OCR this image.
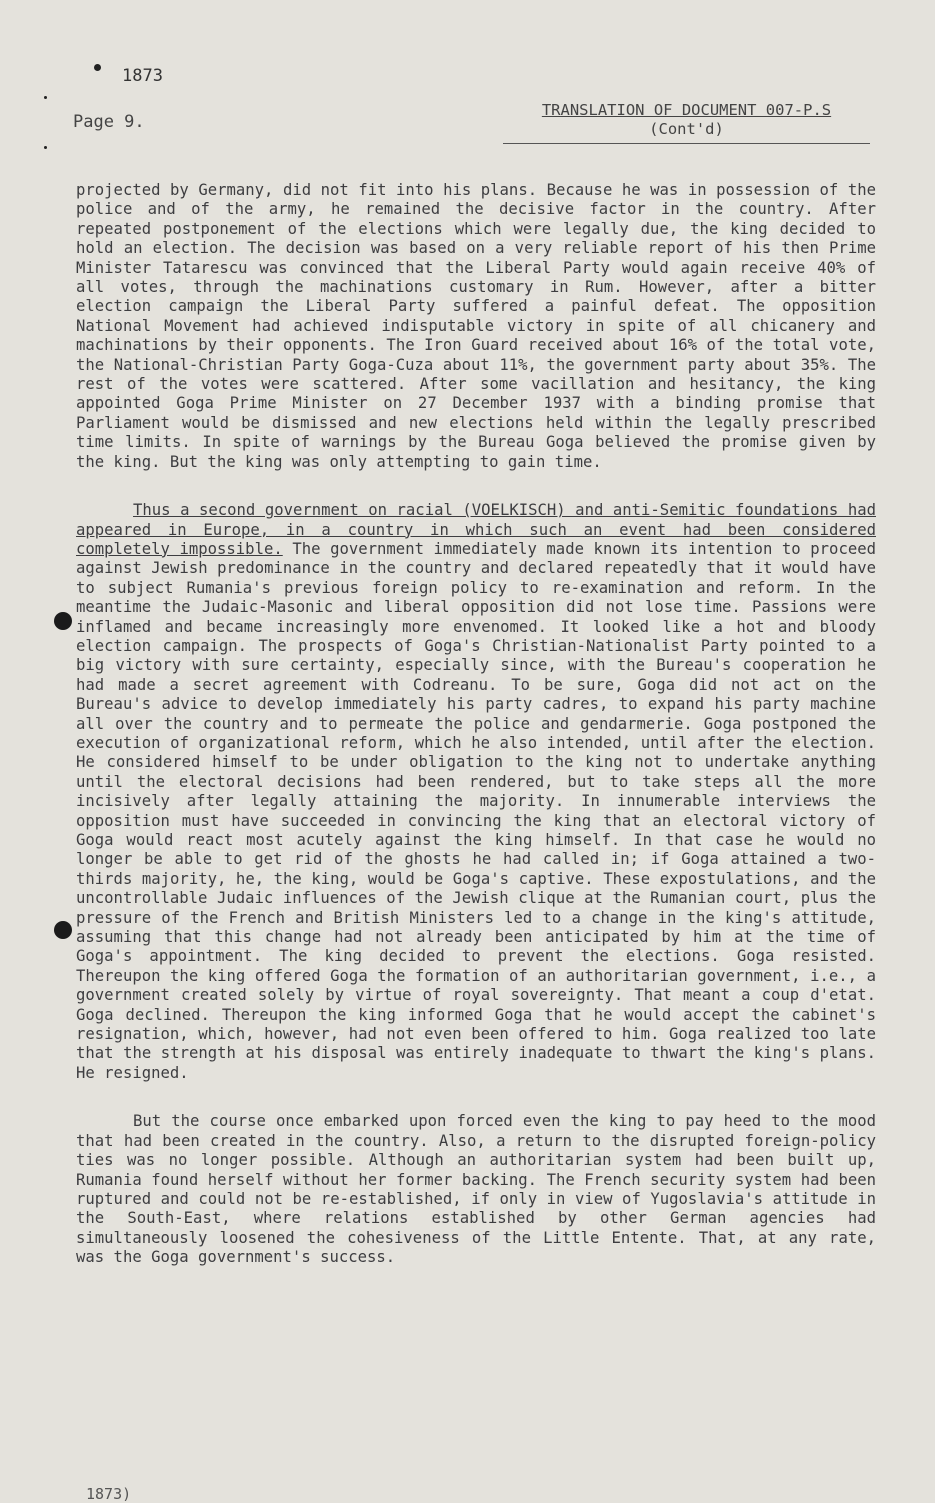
1873
Page 9.
TRANSLATION OF DOCUMENT 007-P.S
(Cont'd)

projected by Germany, did not fit into his plans. Because he was in possession of the police and of the army, he remained the decisive factor in the country. After repeated postponement of the elections which were legally due, the king decided to hold an election. The decision was based on a very reliable report of his then Prime Minister Tatarescu was convinced that the Liberal Party would again receive 40% of all votes, through the machinations customary in Rum. However, after a bitter election campaign the Liberal Party suffered a painful defeat. The opposition National Movement had achieved indisputable victory in spite of all chicanery and machinations by their opponents. The Iron Guard received about 16% of the total vote, the National-Christian Party Goga-Cuza about 11%, the government party about 35%. The rest of the votes were scattered. After some vacillation and hesitancy, the king appointed Goga Prime Minister on 27 December 1937 with a binding promise that Parliament would be dismissed and new elections held within the legally prescribed time limits. In spite of warnings by the Bureau Goga believed the promise given by the king. But the king was only attempting to gain time.

Thus a second government on racial (VOELKISCH) and anti-Semitic foundations had appeared in Europe, in a country in which such an event had been considered completely impossible. The government immediately made known its intention to proceed against Jewish predominance in the country and declared repeatedly that it would have to subject Rumania's previous foreign policy to re-examination and reform. In the meantime the Judaic-Masonic and liberal opposition did not lose time. Passions were inflamed and became increasingly more envenomed. It looked like a hot and bloody election campaign. The prospects of Goga's Christian-Nationalist Party pointed to a big victory with sure certainty, especially since, with the Bureau's cooperation he had made a secret agreement with Codreanu. To be sure, Goga did not act on the Bureau's advice to develop immediately his party cadres, to expand his party machine all over the country and to permeate the police and gendarmerie. Goga postponed the execution of organizational reform, which he also intended, until after the election. He considered himself to be under obligation to the king not to undertake anything until the electoral decisions had been rendered, but to take steps all the more incisively after legally attaining the majority. In innumerable interviews the opposition must have succeeded in convincing the king that an electoral victory of Goga would react most acutely against the king himself. In that case he would no longer be able to get rid of the ghosts he had called in; if Goga attained a two-thirds majority, he, the king, would be Goga's captive. These expostulations, and the uncontrollable Judaic influences of the Jewish clique at the Rumanian court, plus the pressure of the French and British Ministers led to a change in the king's attitude, assuming that this change had not already been anticipated by him at the time of Goga's appointment. The king decided to prevent the elections. Goga resisted. Thereupon the king offered Goga the formation of an authoritarian government, i.e., a government created solely by virtue of royal sovereignty. That meant a coup d'etat. Goga declined. Thereupon the king informed Goga that he would accept the cabinet's resignation, which, however, had not even been offered to him. Goga realized too late that the strength at his disposal was entirely inadequate to thwart the king's plans. He resigned.

But the course once embarked upon forced even the king to pay heed to the mood that had been created in the country. Also, a return to the disrupted foreign-policy ties was no longer possible. Although an authoritarian system had been built up, Rumania found herself without her former backing. The French security system had been ruptured and could not be re-established, if only in view of Yugoslavia's attitude in the South-East, where relations established by other German agencies had simultaneously loosened the cohesiveness of the Little Entente. That, at any rate, was the Goga government's success.

1873)
